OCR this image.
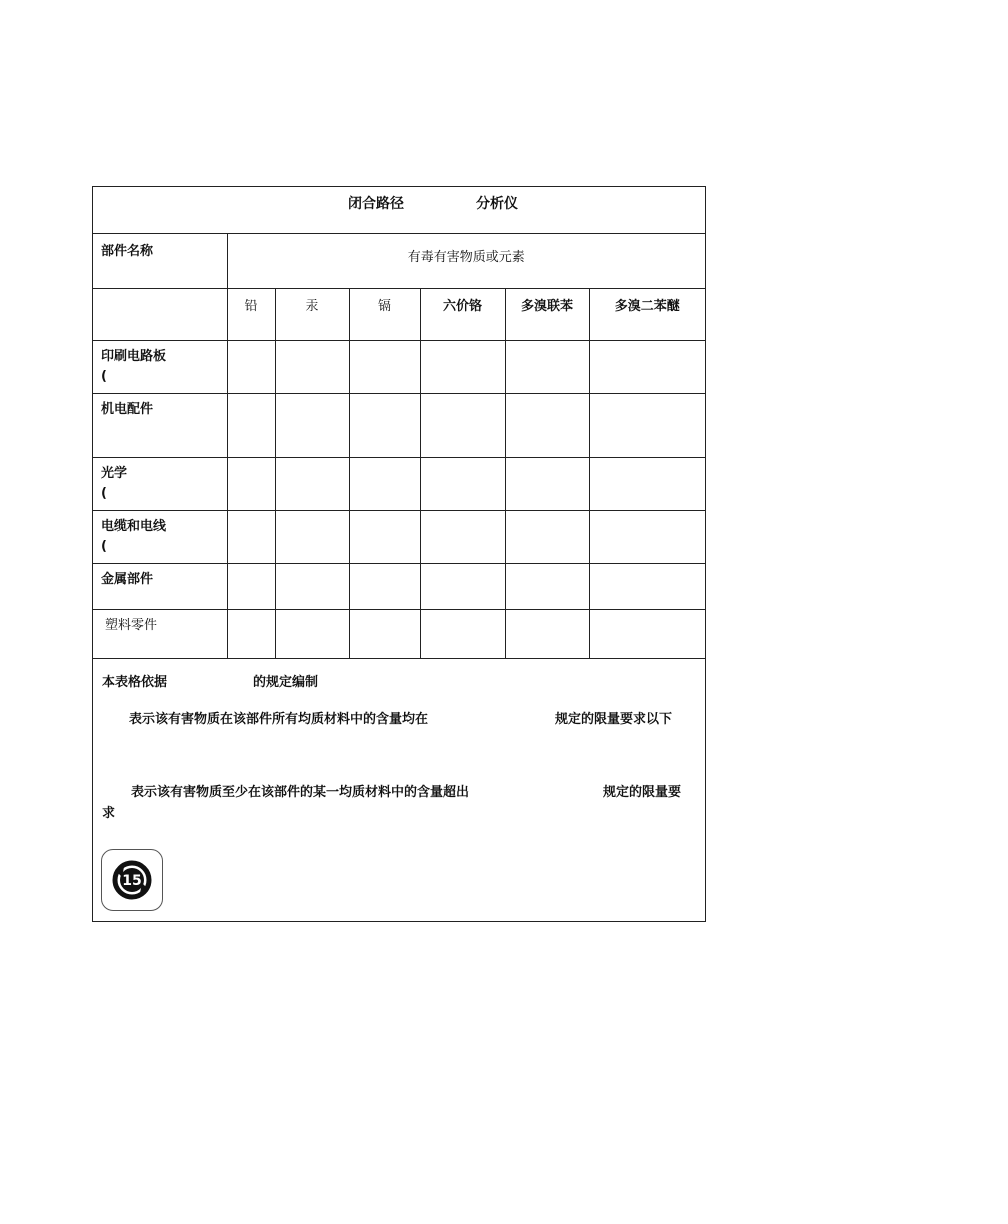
闭合路径	分析仪
部件名称	有毒有害物质或元素					
	铅	汞	镉	六价铬	多溴联苯	多溴二苯醚

印刷电路板
(						

机电配件						

光学
(						

电缆和电线
(						

金属部件						

塑料零件						

本表格依据	的规定编制
表示该有害物质在该部件所有均质材料中的含量均在	规定的限量要求以下
表示该有害物质至少在该部件的某一均质材料中的含量超出	规定的限量要
求
15
